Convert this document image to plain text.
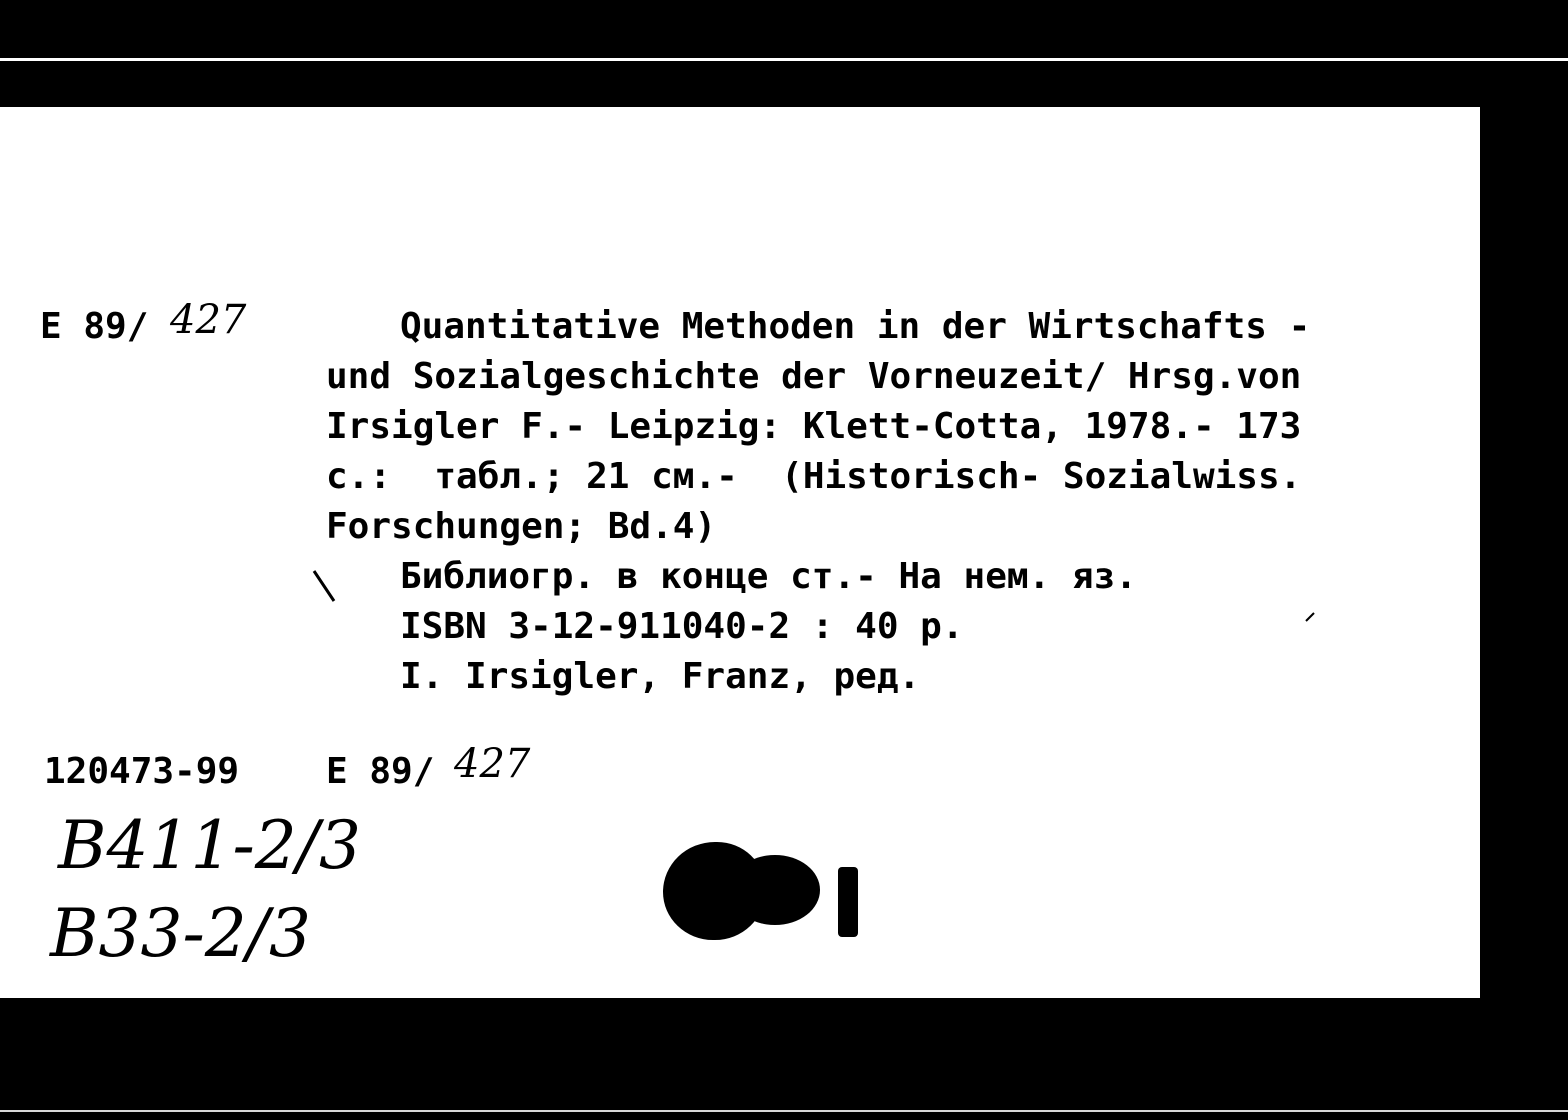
E 89/ 427	Quantitative Methoden in der Wirtschafts -
und Sozialgeschichte der Vorneuzeit/ Hrsg.von
Irsigler F.- Leipzig: Klett-Cotta, 1978.- 173
c.:  табл.; 21 см.-  (Historisch- Sozialwiss.
Forschungen; Bd.4)
Библиогр. в конце ст.- На нем. яз.
ISBN 3-12-911040-2 : 40 p.
I. Irsigler, Franz, ред.
120473-99 E 89/ 427
B411-2/3
B33-2/3
